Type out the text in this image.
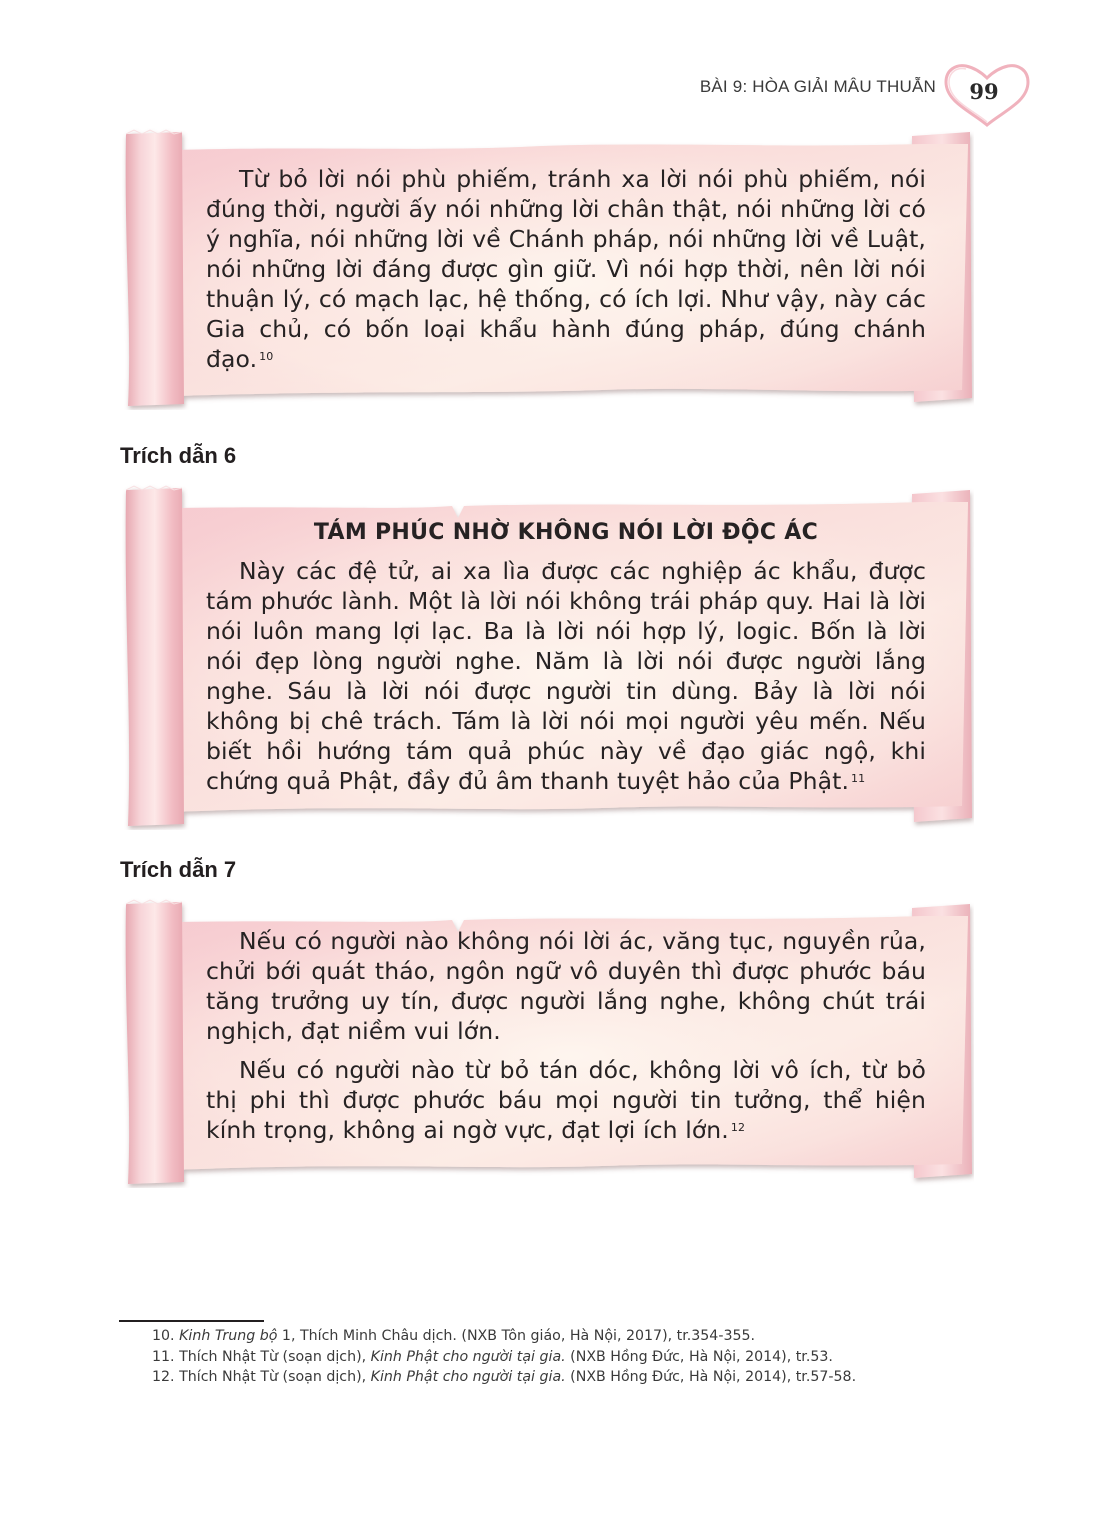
BÀI 9: HÒA GIẢI MÂU THUẪN	99

Từ bỏ lời nói phù phiếm, tránh xa lời nói phù phiếm, nói đúng thời, người ấy nói những lời chân thật, nói những lời có ý nghĩa, nói những lời về Chánh pháp, nói những lời về Luật, nói những lời đáng được gìn giữ. Vì nói hợp thời, nên lời nói thuận lý, có mạch lạc, hệ thống, có ích lợi. Như vậy, này các Gia chủ, có bốn loại khẩu hành đúng pháp, đúng chánh đạo. $^{10}$

Trích dẫn 6
TÁM PHÚC NHỜ KHÔNG NÓI LỜI ĐỘC ÁC

Này các đệ tử, ai xa lìa được các nghiệp ác khẩu, được tám phước lành. Một là lời nói không trái pháp quy. Hai là lời nói luôn mang lợi lạc. Ba là lời nói hợp lý, logic. Bốn là lời nói đẹp lòng người nghe. Năm là lời nói được người lắng nghe. Sáu là lời nói được người tin dùng. Bảy là lời nói không bị chê trách. Tám là lời nói mọi người yêu mến. Nếu biết hồi hướng tám quả phúc này về đạo giác ngộ, khi chứng quả Phật, đầy đủ âm thanh tuyệt hảo của Phật. $^{11}$

Trích dẫn 7

Nếu có người nào không nói lời ác, văng tục, nguyền rủa, chửi bới quát tháo, ngôn ngữ vô duyên thì được phước báu tăng trưởng uy tín, được người lắng nghe, không chút trái nghịch, đạt niềm vui lớn.

Nếu có người nào từ bỏ tán dóc, không lời vô ích, từ bỏ thị phi thì được phước báu mọi người tin tưởng, thể hiện kính trọng, không ai ngờ vực, đạt lợi ích lớn. $^{12}$

10. Kinh Trung bộ 1, Thích Minh Châu dịch. (NXB Tôn giáo, Hà Nội, 2017), tr.354-355.

11. Thích Nhật Từ (soạn dịch), Kinh Phật cho người tại gia. (NXB Hồng Đức, Hà Nội, 2014), tr.53.

12. Thích Nhật Từ (soạn dịch), Kinh Phật cho người tại gia. (NXB Hồng Đức, Hà Nội, 2014), tr.57-58.
